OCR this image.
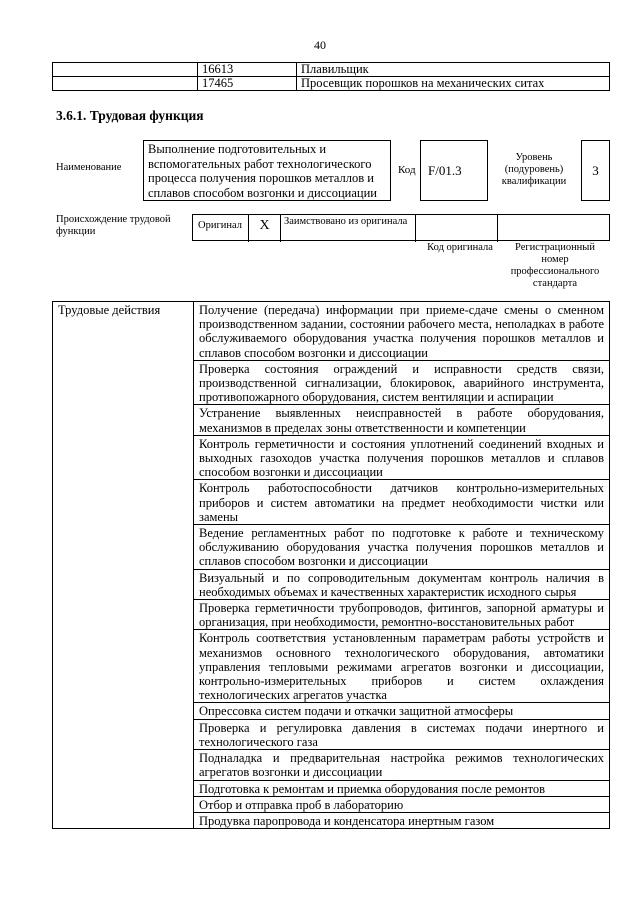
40
	16613	Плавильщик
	17465	Просевщик порошков на механических ситах
3.6.1. Трудовая функция
Наименование
Выполнение подготовительных и вспомогательных работ технологического процесса получения порошков металлов и сплавов способом возгонки и диссоциации
Код F/01.3
Уровень (подуровень) квалификации
3
Происхождение трудовой функции
Оригинал	X	Заимствовано из оригинала
Код оригинала	Регистрационный номер профессионального стандарта
Трудовые действия	Получение (передача) информации при приеме-сдаче смены о сменном производственном задании, состоянии рабочего места, неполадках в работе обслуживаемого оборудования участка получения порошков металлов и сплавов способом возгонки и диссоциации
Проверка состояния ограждений и исправности средств связи, производственной сигнализации, блокировок, аварийного инструмента, противопожарного оборудования, систем вентиляции и аспирации
Устранение выявленных неисправностей в работе оборудования, механизмов в пределах зоны ответственности и компетенции
Контроль герметичности и состояния уплотнений соединений входных и выходных газоходов участка получения порошков металлов и сплавов способом возгонки и диссоциации
Контроль работоспособности датчиков контрольно-измерительных приборов и систем автоматики на предмет необходимости чистки или замены
Ведение регламентных работ по подготовке к работе и техническому обслуживанию оборудования участка получения порошков металлов и сплавов способом возгонки и диссоциации
Визуальный и по сопроводительным документам контроль наличия в необходимых объемах и качественных характеристик исходного сырья
Проверка герметичности трубопроводов, фитингов, запорной арматуры и организация, при необходимости, ремонтно-восстановительных работ
Контроль соответствия установленным параметрам работы устройств и механизмов основного технологического оборудования, автоматики управления тепловыми режимами агрегатов возгонки и диссоциации, контрольно-измерительных приборов и систем охлаждения технологических агрегатов участка
Опрессовка систем подачи и откачки защитной атмосферы
Проверка и регулировка давления в системах подачи инертного и технологического газа
Подналадка и предварительная настройка режимов технологических агрегатов возгонки и диссоциации
Подготовка к ремонтам и приемка оборудования после ремонтов
Отбор и отправка проб в лабораторию
Продувка паропровода и конденсатора инертным газом
